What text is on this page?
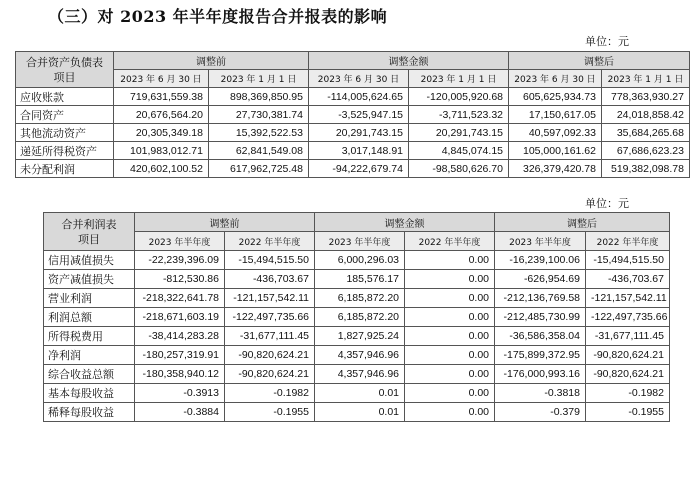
（三）对 2023 年半年度报告合并报表的影响
单位：元
合并资产负债表
项目	调整前		调整金额		调整后	
	2023 年 6 月 30 日	2023 年 1 月 1 日	2023 年 6 月 30 日	2023 年 1 月 1 日	2023 年 6 月 30 日	2023 年 1 月 1 日
应收账款	719,631,559.38	898,369,850.95	-114,005,624.65	-120,005,920.68	605,625,934.73	778,363,930.27
合同资产	20,676,564.20	27,730,381.74	-3,525,947.15	-3,711,523.32	17,150,617.05	24,018,858.42
其他流动资产	20,305,349.18	15,392,522.53	20,291,743.15	20,291,743.15	40,597,092.33	35,684,265.68
递延所得税资产	101,983,012.71	62,841,549.08	3,017,148.91	4,845,074.15	105,000,161.62	67,686,623.23
未分配利润	420,602,100.52	617,962,725.48	-94,222,679.74	-98,580,626.70	326,379,420.78	519,382,098.78
单位：元
合并利润表
项目	调整前		调整金额		调整后	
	2023 年半年度	2022 年半年度	2023 年半年度	2022 年半年度	2023 年半年度	2022 年半年度
信用减值损失	-22,239,396.09	-15,494,515.50	6,000,296.03	0.00	-16,239,100.06	-15,494,515.50
资产减值损失	-812,530.86	-436,703.67	185,576.17	0.00	-626,954.69	-436,703.67
营业利润	-218,322,641.78	-121,157,542.11	6,185,872.20	0.00	-212,136,769.58	-121,157,542.11
利润总额	-218,671,603.19	-122,497,735.66	6,185,872.20	0.00	-212,485,730.99	-122,497,735.66
所得税费用	-38,414,283.28	-31,677,111.45	1,827,925.24	0.00	-36,586,358.04	-31,677,111.45
净利润	-180,257,319.91	-90,820,624.21	4,357,946.96	0.00	-175,899,372.95	-90,820,624.21
综合收益总额	-180,358,940.12	-90,820,624.21	4,357,946.96	0.00	-176,000,993.16	-90,820,624.21
基本每股收益	-0.3913	-0.1982	0.01	0.00	-0.3818	-0.1982
稀释每股收益	-0.3884	-0.1955	0.01	0.00	-0.379	-0.1955
